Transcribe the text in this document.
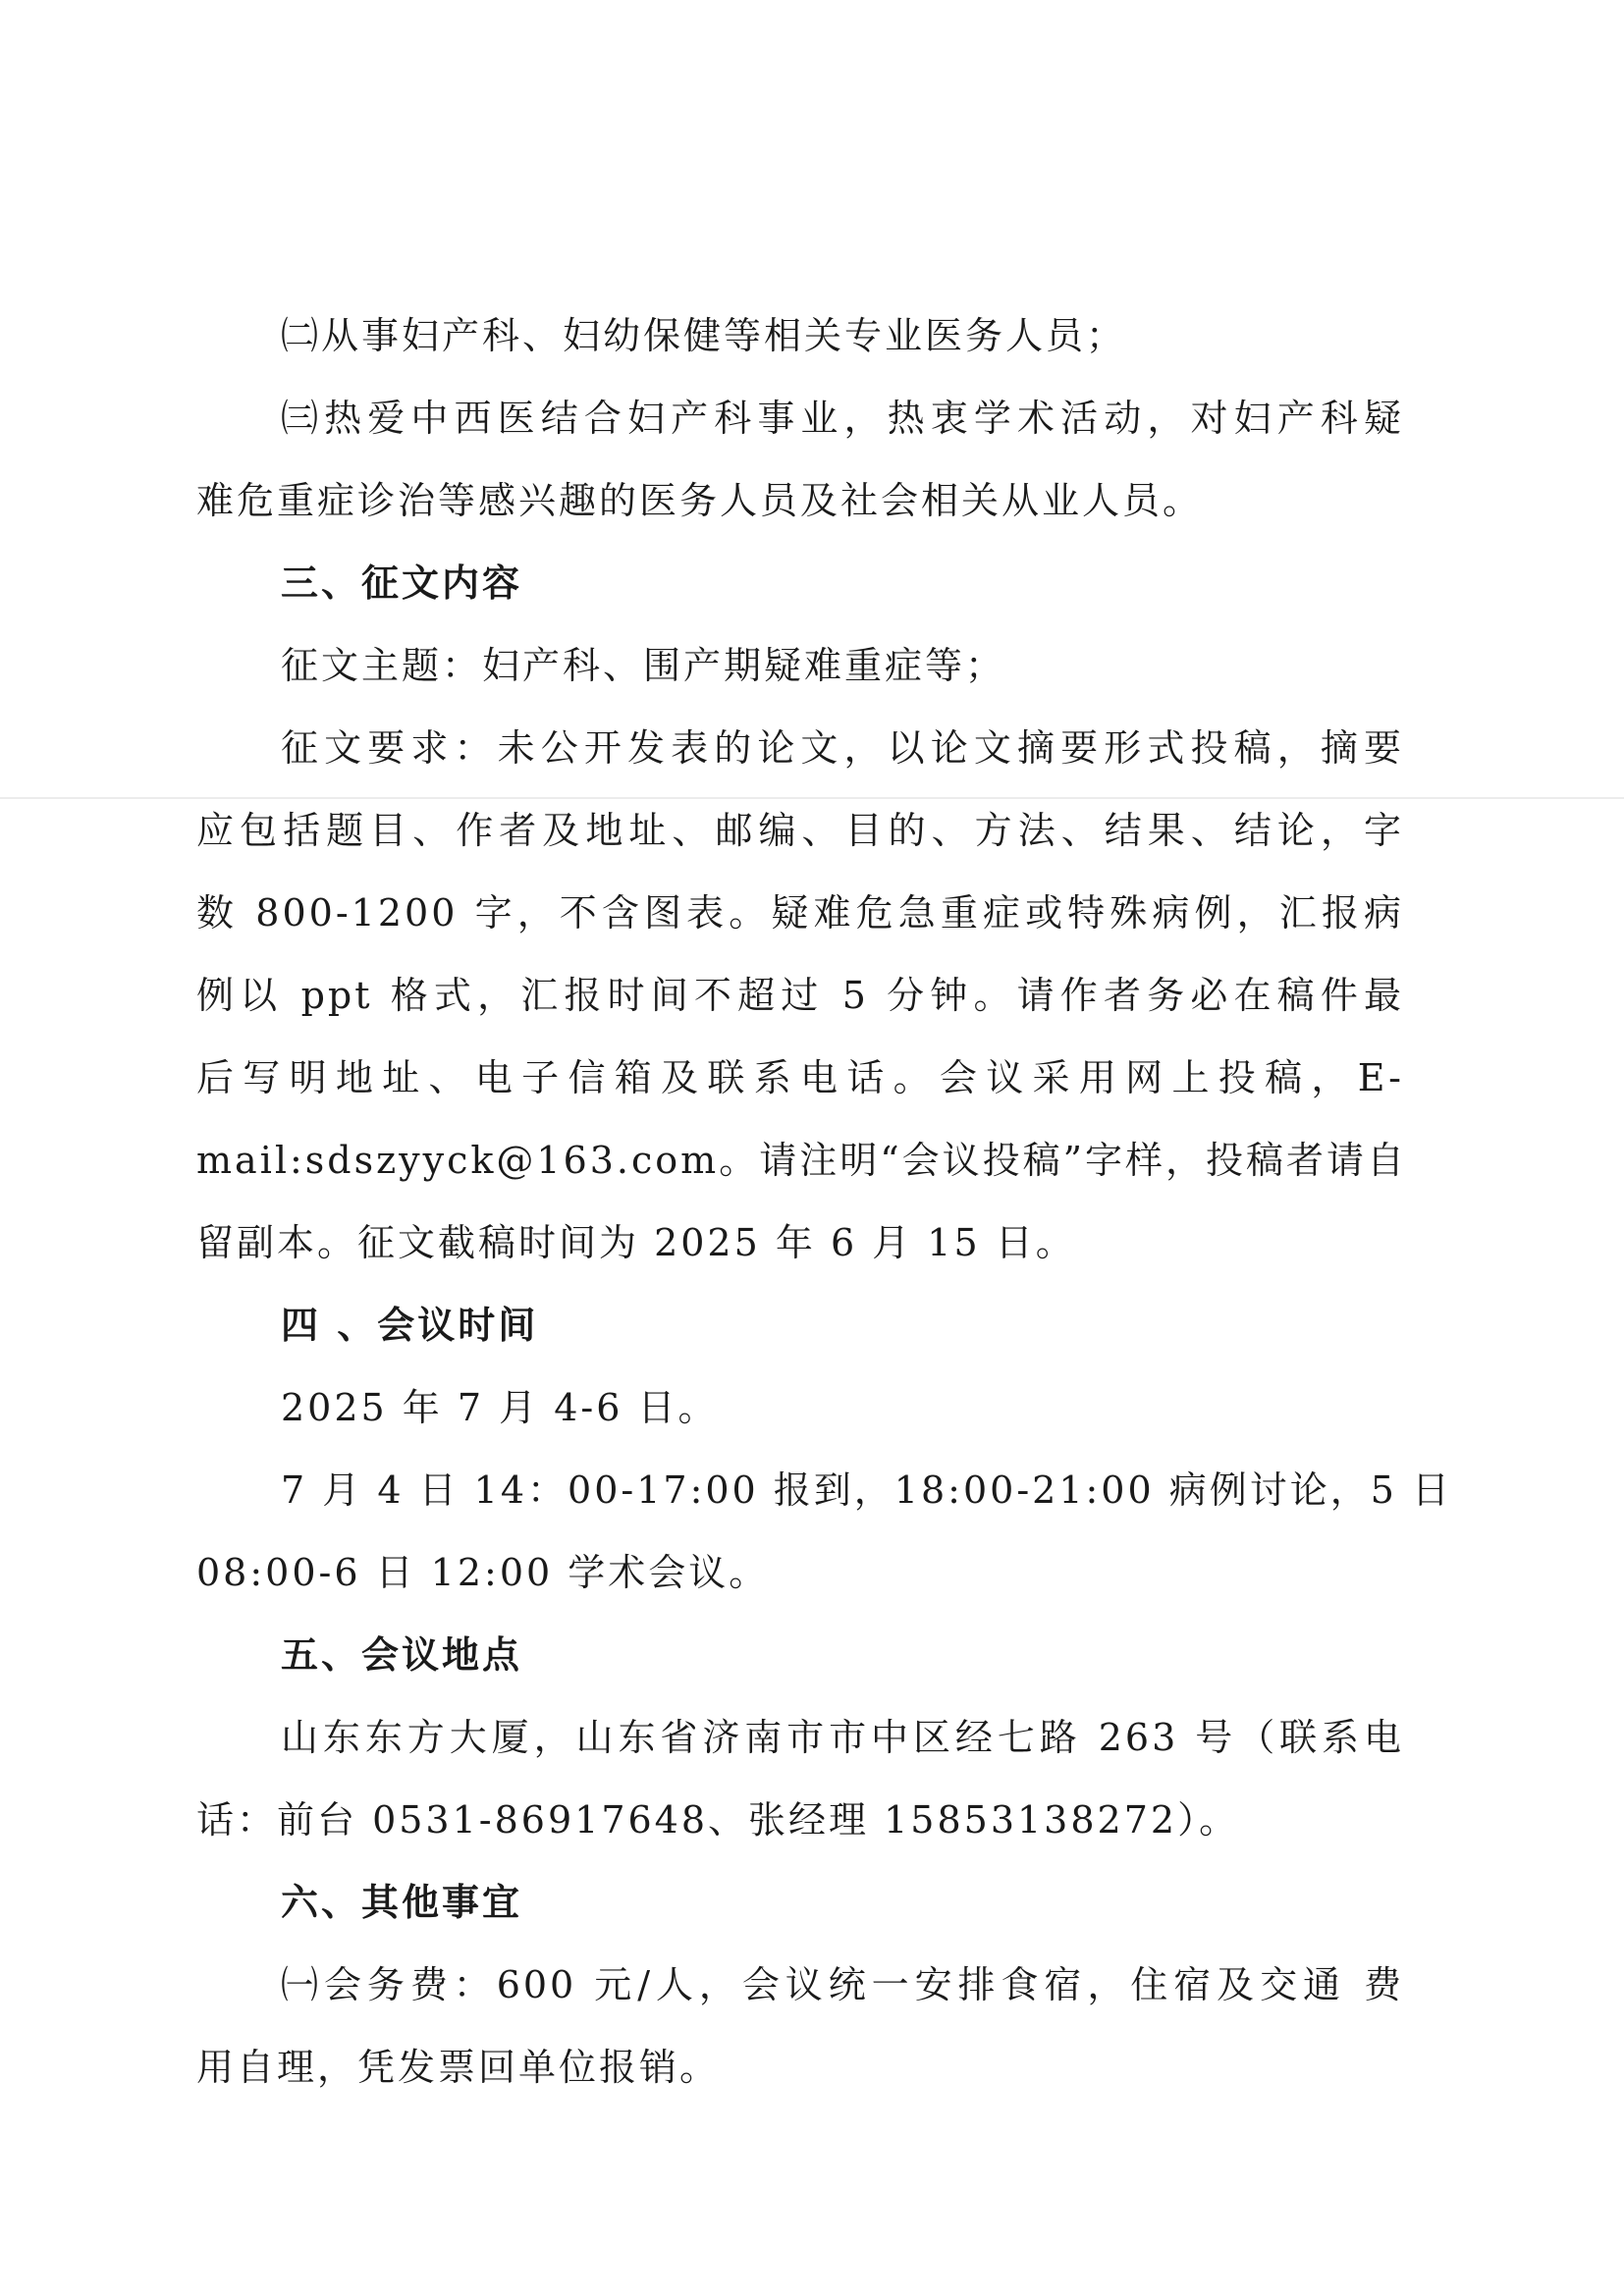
㈡从事妇产科、妇幼保健等相关专业医务人员；
㈢热爱中西医结合妇产科事业，热衷学术活动，对妇产科疑
难危重症诊治等感兴趣的医务人员及社会相关从业人员。
三、征文内容
征文主题：妇产科、围产期疑难重症等；
征文要求：未公开发表的论文，以论文摘要形式投稿，摘要
应包括题目、作者及地址、邮编、目的、方法、结果、结论，字
数 800-1200 字，不含图表。疑难危急重症或特殊病例，汇报病
例以 ppt 格式，汇报时间不超过 5 分钟。请作者务必在稿件最
后写明地址、电子信箱及联系电话。会议采用网上投稿，E-
mail:sdszyyck@163.com。请注明“会议投稿”字样，投稿者请自
留副本。征文截稿时间为 2025 年 6 月 15 日。
四 、会议时间
2025 年 7 月 4-6 日。
7 月 4 日 14：00-17:00 报到，18:00-21:00 病例讨论，5 日
08:00-6 日 12:00 学术会议。
五、会议地点
山东东方大厦，山东省济南市市中区经七路 263 号（联系电
话：前台 0531-86917648、张经理 15853138272）。
六、其他事宜
㈠会务费：600 元/人，会议统一安排食宿，住宿及交通 费
用自理，凭发票回单位报销。
